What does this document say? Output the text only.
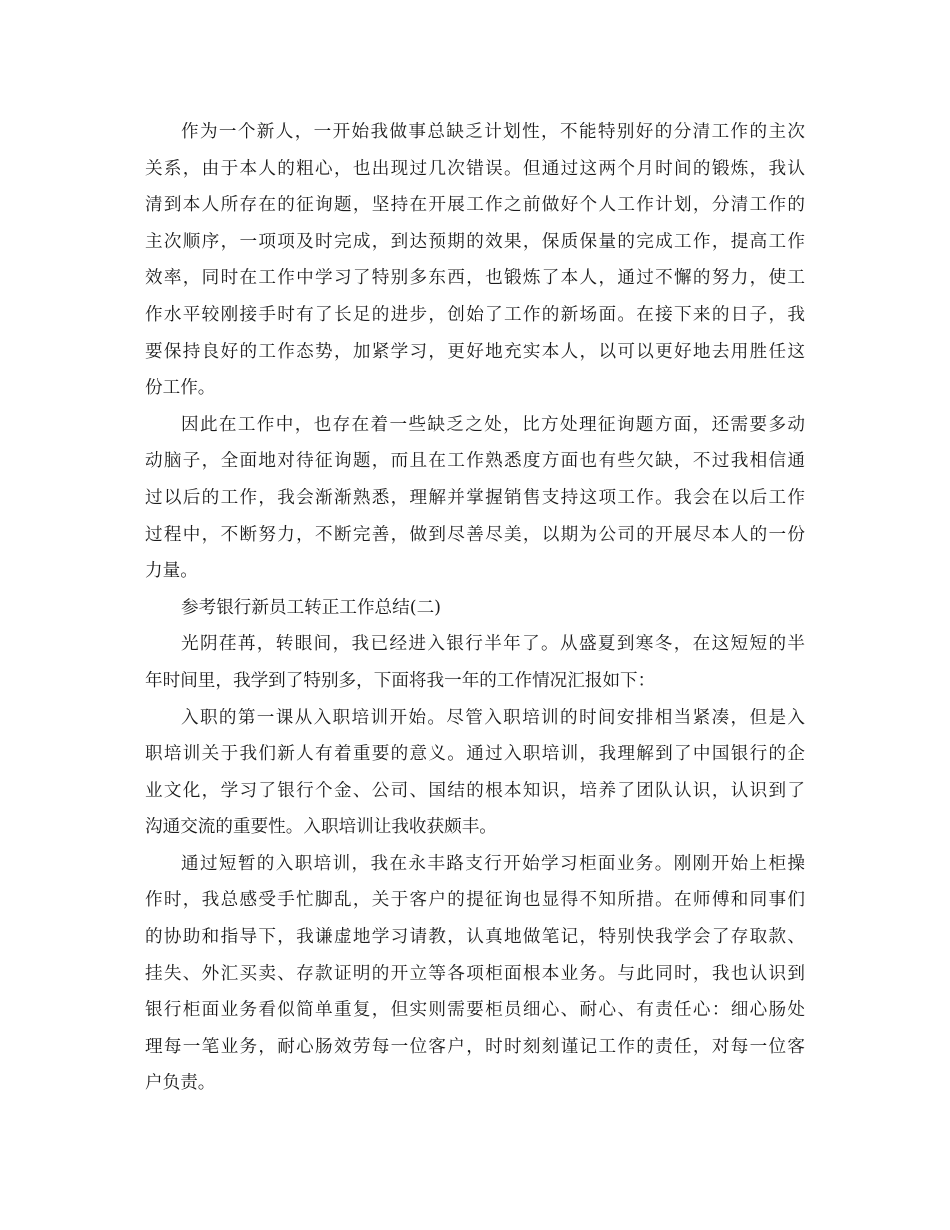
作为一个新人，一开始我做事总缺乏计划性，不能特别好的分清工作的主次
关系，由于本人的粗心，也出现过几次错误。但通过这两个月时间的锻炼，我认
清到本人所存在的征询题，坚持在开展工作之前做好个人工作计划，分清工作的
主次顺序，一项项及时完成，到达预期的效果，保质保量的完成工作，提高工作
效率，同时在工作中学习了特别多东西，也锻炼了本人，通过不懈的努力，使工
作水平较刚接手时有了长足的进步，创始了工作的新场面。在接下来的日子，我
要保持良好的工作态势，加紧学习，更好地充实本人，以可以更好地去用胜任这
份工作。
因此在工作中，也存在着一些缺乏之处，比方处理征询题方面，还需要多动
动脑子，全面地对待征询题，而且在工作熟悉度方面也有些欠缺，不过我相信通
过以后的工作，我会渐渐熟悉，理解并掌握销售支持这项工作。我会在以后工作
过程中，不断努力，不断完善，做到尽善尽美，以期为公司的开展尽本人的一份
力量。
参考银行新员工转正工作总结(二)
光阴荏苒，转眼间，我已经进入银行半年了。从盛夏到寒冬，在这短短的半
年时间里，我学到了特别多，下面将我一年的工作情况汇报如下：
入职的第一课从入职培训开始。尽管入职培训的时间安排相当紧凑，但是入
职培训关于我们新人有着重要的意义。通过入职培训，我理解到了中国银行的企
业文化，学习了银行个金、公司、国结的根本知识，培养了团队认识，认识到了
沟通交流的重要性。入职培训让我收获颇丰。
通过短暂的入职培训，我在永丰路支行开始学习柜面业务。刚刚开始上柜操
作时，我总感受手忙脚乱，关于客户的提征询也显得不知所措。在师傅和同事们
的协助和指导下，我谦虚地学习请教，认真地做笔记，特别快我学会了存取款、
挂失、外汇买卖、存款证明的开立等各项柜面根本业务。与此同时，我也认识到
银行柜面业务看似简单重复，但实则需要柜员细心、耐心、有责任心：细心肠处
理每一笔业务，耐心肠效劳每一位客户，时时刻刻谨记工作的责任，对每一位客
户负责。
